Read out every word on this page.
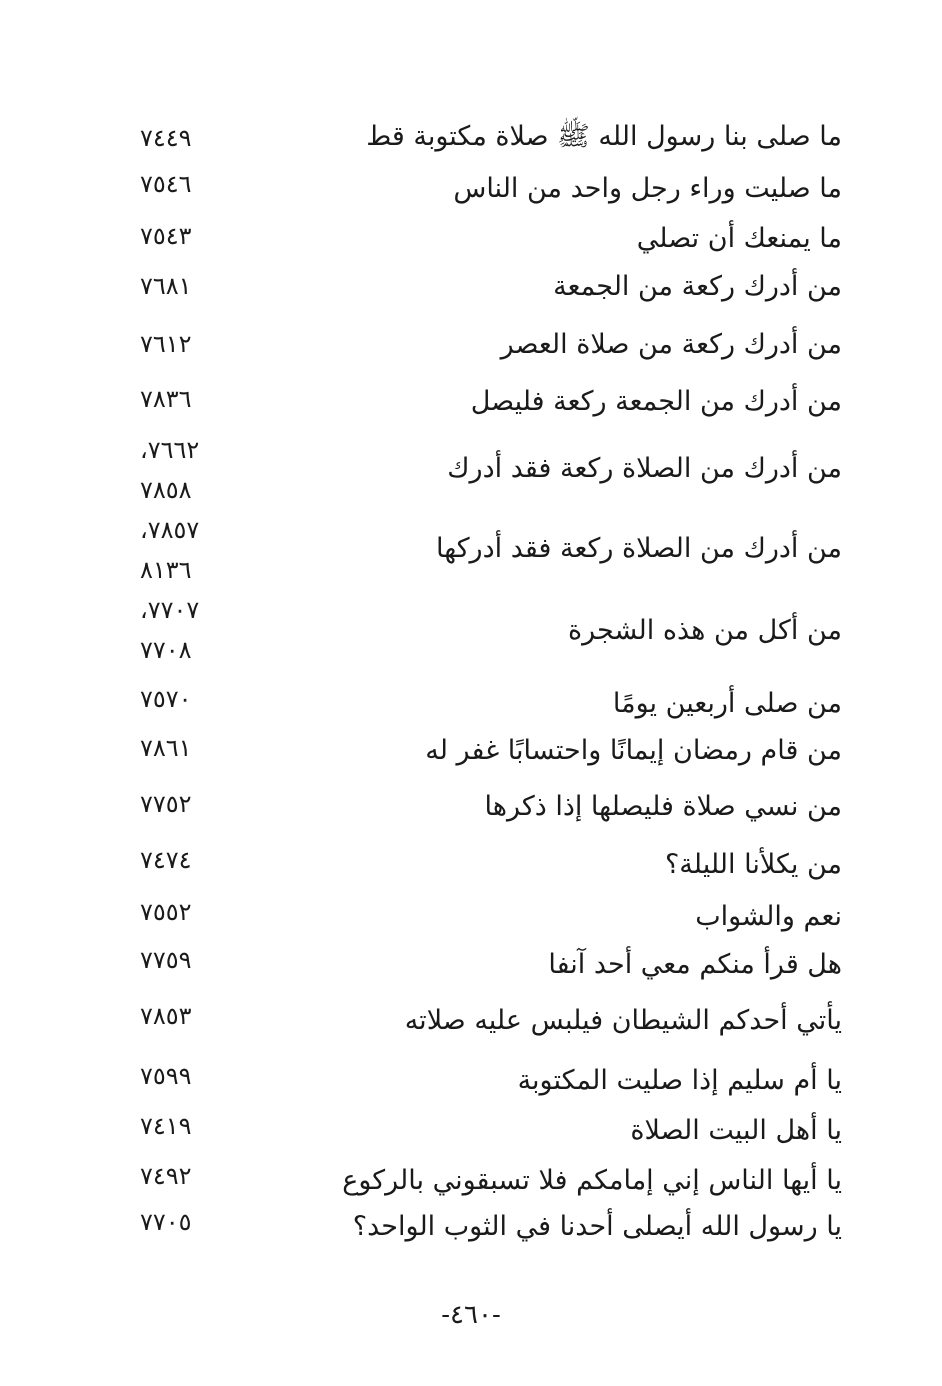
ما صلى بنا رسول الله ﷺ صلاة مكتوبة قط
٧٤٤٩
ما صليت وراء رجل واحد من الناس
٧٥٤٦
ما يمنعك أن تصلي
٧٥٤٣
من أدرك ركعة من الجمعة
٧٦٨١
من أدرك ركعة من صلاة العصر
٧٦١٢
من أدرك من الجمعة ركعة فليصل
٧٨٣٦
من أدرك من الصلاة ركعة فقد أدرك
٧٦٦٢،
٧٨٥٨
من أدرك من الصلاة ركعة فقد أدركها
٧٨٥٧،
٨١٣٦
من أكل من هذه الشجرة
٧٧٠٧،
٧٧٠٨
من صلى أربعين يومًا
٧٥٧٠
من قام رمضان إيمانًا واحتسابًا غفر له
٧٨٦١
من نسي صلاة فليصلها إذا ذكرها
٧٧٥٢
من يكلأنا الليلة؟
٧٤٧٤
نعم والشواب
٧٥٥٢
هل قرأ منكم معي أحد آنفا
٧٧٥٩
يأتي أحدكم الشيطان فيلبس عليه صلاته
٧٨٥٣
يا أم سليم إذا صليت المكتوبة
٧٥٩٩
يا أهل البيت الصلاة
٧٤١٩
يا أيها الناس إني إمامكم فلا تسبقوني بالركوع
٧٤٩٢
يا رسول الله أيصلى أحدنا في الثوب الواحد؟
٧٧٠٥
-٤٦٠-
